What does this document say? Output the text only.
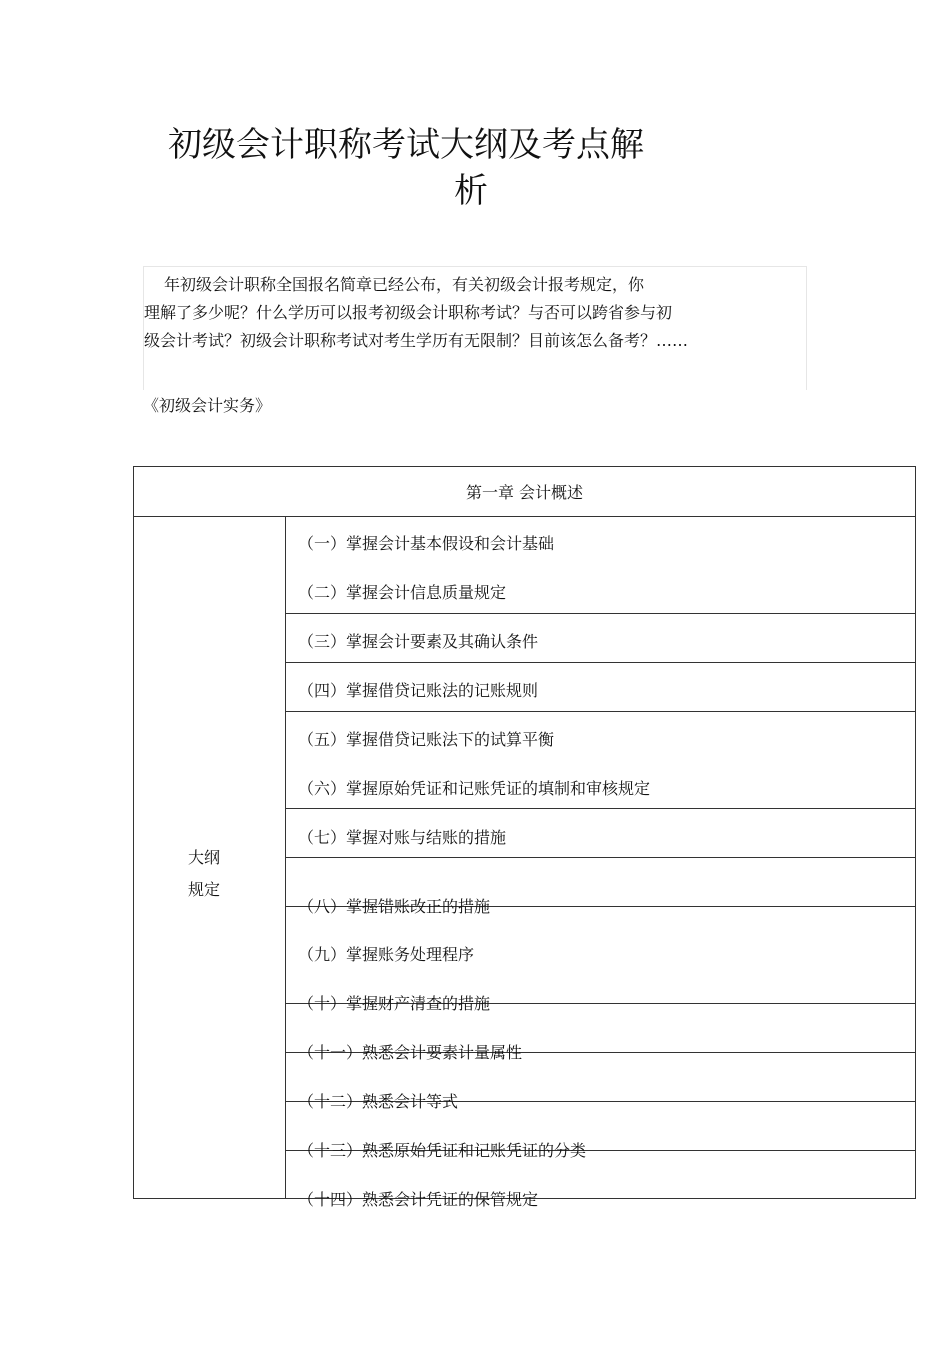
初级会计职称考试大纲及考点解
析

年初级会计职称全国报名简章已经公布，有关初级会计报考规定，你

理解了多少呢？什么学历可以报考初级会计职称考试？与否可以跨省参与初

级会计考试？初级会计职称考试对考生学历有无限制？目前该怎么备考？……

《初级会计实务》
第一章 会计概述
大纲
规定
（一）掌握会计基本假设和会计基础
（二）掌握会计信息质量规定
（三）掌握会计要素及其确认条件
（四）掌握借贷记账法的记账规则
（五）掌握借贷记账法下的试算平衡
（六）掌握原始凭证和记账凭证的填制和审核规定
（七）掌握对账与结账的措施
（八）掌握错账改正的措施
（九）掌握账务处理程序
（十）掌握财产清查的措施
（十一）熟悉会计要素计量属性
（十二）熟悉会计等式
（十三）熟悉原始凭证和记账凭证的分类
（十四）熟悉会计凭证的保管规定
